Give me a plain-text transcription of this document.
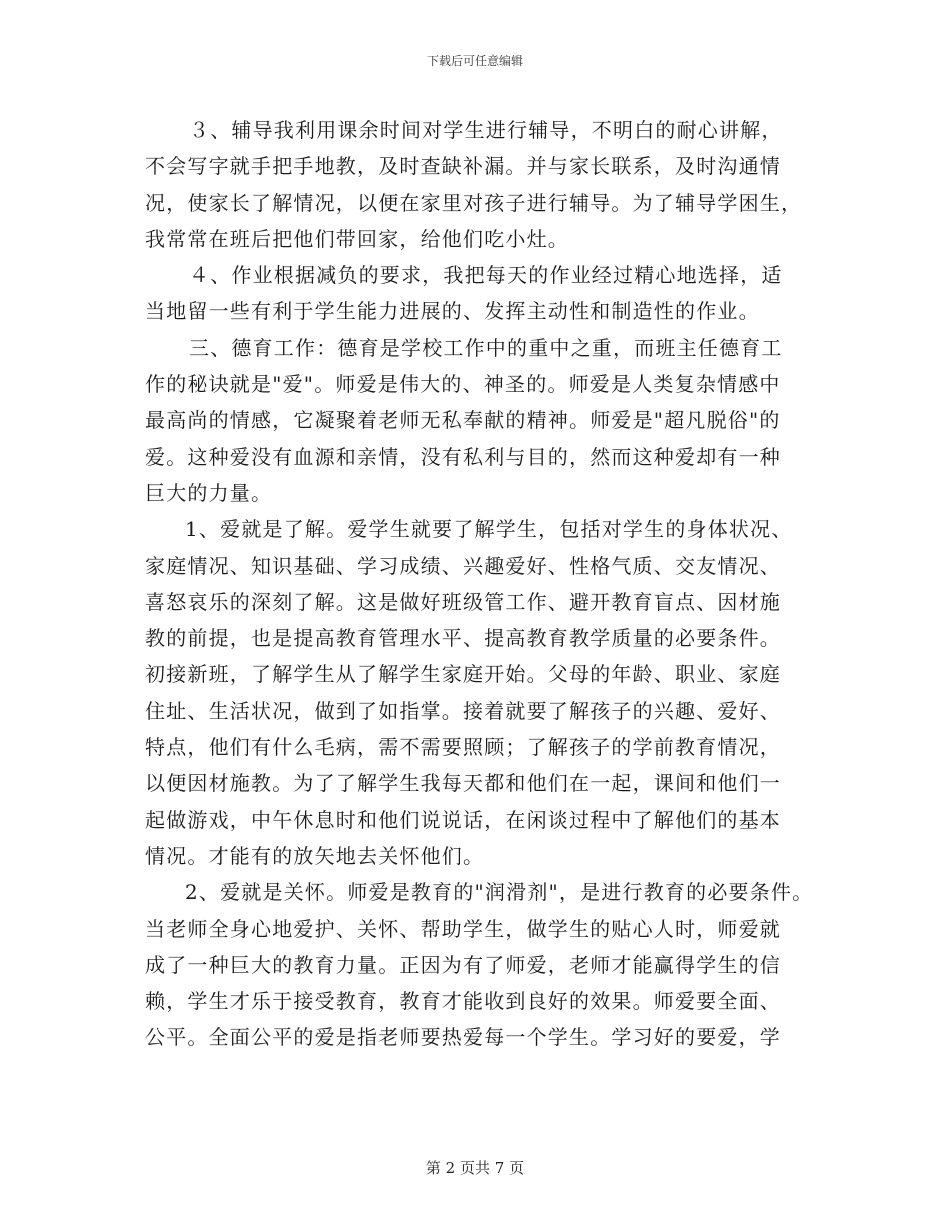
下载后可任意编辑
３、辅导我利用课余时间对学生进行辅导，不明白的耐心讲解，
不会写字就手把手地教，及时查缺补漏。并与家长联系，及时沟通情
况，使家长了解情况，以便在家里对孩子进行辅导。为了辅导学困生，
我常常在班后把他们带回家，给他们吃小灶。
４、作业根据减负的要求，我把每天的作业经过精心地选择，适
当地留一些有利于学生能力进展的、发挥主动性和制造性的作业。
三、德育工作：德育是学校工作中的重中之重，而班主任德育工
作的秘诀就是"爱"。师爱是伟大的、神圣的。师爱是人类复杂情感中
最高尚的情感，它凝聚着老师无私奉献的精神。师爱是"超凡脱俗"的
爱。这种爱没有血源和亲情，没有私利与目的，然而这种爱却有一种
巨大的力量。
1、爱就是了解。爱学生就要了解学生，包括对学生的身体状况、
家庭情况、知识基础、学习成绩、兴趣爱好、性格气质、交友情况、
喜怒哀乐的深刻了解。这是做好班级管工作、避开教育盲点、因材施
教的前提，也是提高教育管理水平、提高教育教学质量的必要条件。
初接新班，了解学生从了解学生家庭开始。父母的年龄、职业、家庭
住址、生活状况，做到了如指掌。接着就要了解孩子的兴趣、爱好、
特点，他们有什么毛病，需不需要照顾；了解孩子的学前教育情况，
以便因材施教。为了了解学生我每天都和他们在一起，课间和他们一
起做游戏，中午休息时和他们说说话，在闲谈过程中了解他们的基本
情况。才能有的放矢地去关怀他们。
2、爱就是关怀。师爱是教育的"润滑剂"，是进行教育的必要条件。
当老师全身心地爱护、关怀、帮助学生，做学生的贴心人时，师爱就
成了一种巨大的教育力量。正因为有了师爱，老师才能赢得学生的信
赖，学生才乐于接受教育，教育才能收到良好的效果。师爱要全面、
公平。全面公平的爱是指老师要热爱每一个学生。学习好的要爱，学
第 2 页共 7 页
